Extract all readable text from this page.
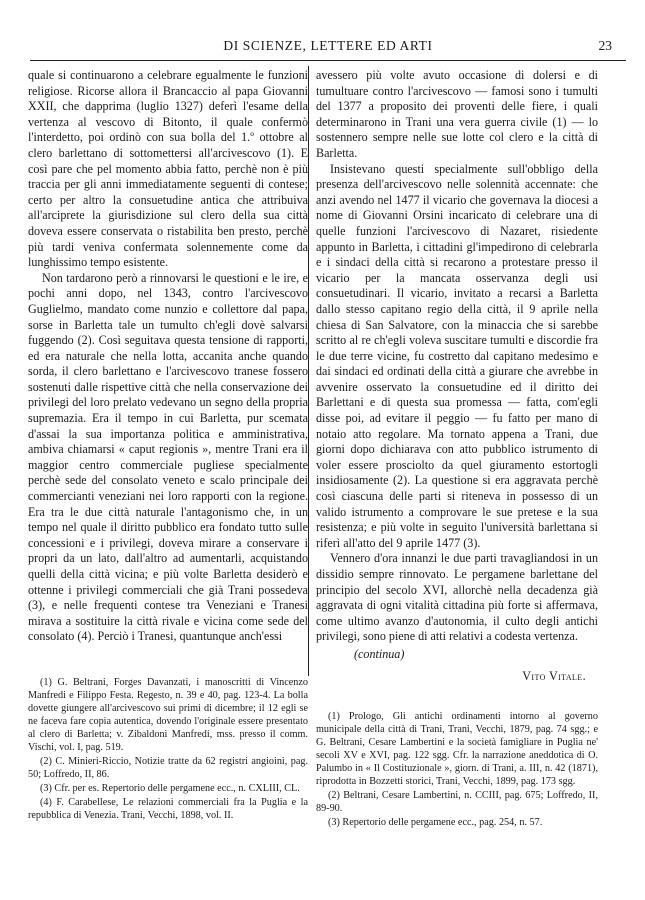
DI SCIENZE, LETTERE ED ARTI	23

quale si continuarono a celebrare egualmente le funzioni religiose. Ricorse allora il Brancaccio al papa Giovanni XXII, che dapprima (luglio 1327) deferì l'esame della vertenza al vescovo di Bitonto, il quale confermò l'interdetto, poi ordinò con sua bolla del 1.º ottobre al clero barlettano di sottomettersi all'arcivescovo (1). E così pare che pel momento abbia fatto, perchè non è più traccia per gli anni immediatamente seguenti di contese; certo per altro la consuetudine antica che attribuiva all'arciprete la giurisdizione sul clero della sua città doveva essere conservata o ristabilita ben presto, perchè più tardi veniva confermata solennemente come da lunghissimo tempo esistente.

Non tardarono però a rinnovarsi le questioni e le ire, e pochi anni dopo, nel 1343, contro l'arcivescovo Guglielmo, mandato come nunzio e collettore dal papa, sorse in Barletta tale un tumulto ch'egli dovè salvarsi fuggendo (2). Così seguitava questa tensione di rapporti, ed era naturale che nella lotta, accanita anche quando sorda, il clero barlettano e l'arcivescovo tranese fossero sostenuti dalle rispettive città che nella conservazione dei privilegi del loro prelato vedevano un segno della propria supremazia. Era il tempo in cui Barletta, pur scemata d'assai la sua importanza politica e amministrativa, ambiva chiamarsi « caput regionis », mentre Trani era il maggior centro commerciale pugliese specialmente perchè sede del consolato veneto e scalo principale dei commercianti veneziani nei loro rapporti con la regione. Era tra le due città naturale l'antagonismo che, in un tempo nel quale il diritto pubblico era fondato tutto sulle concessioni e i privilegi, doveva mirare a conservare i propri da un lato, dall'altro ad aumentarli, acquistando quelli della città vicina; e più volte Barletta desiderò e ottenne i privilegi commerciali che già Trani possedeva (3), e nelle frequenti contese tra Veneziani e Tranesi mirava a sostituire la città rivale e vicina come sede del consolato (4). Perciò i Tranesi, quantunque anch'essi

avessero più volte avuto occasione di dolersi e di tumultuare contro l'arcivescovo — famosi sono i tumulti del 1377 a proposito dei proventi delle fiere, i quali determinarono in Trani una vera guerra civile (1) — lo sostennero sempre nelle sue lotte col clero e la città di Barletta.

Insistevano questi specialmente sull'obbligo della presenza dell'arcivescovo nelle solennità accennate: che anzi avendo nel 1477 il vicario che governava la diocesi a nome di Giovanni Orsini incaricato di celebrare una di quelle funzioni l'arcivescovo di Nazaret, risiedente appunto in Barletta, i cittadini gl'impedirono di celebrarla e i sindaci della città si recarono a protestare presso il vicario per la mancata osservanza degli usi consuetudinari. Il vicario, invitato a recarsi a Barletta dallo stesso capitano regio della città, il 9 aprile nella chiesa di San Salvatore, con la minaccia che si sarebbe scritto al re ch'egli voleva suscitare tumulti e discordie fra le due terre vicine, fu costretto dal capitano medesimo e dai sindaci ed ordinati della città a giurare che avrebbe in avvenire osservato la consuetudine ed il diritto dei Barlettani e di questa sua promessa — fatta, com'egli disse poi, ad evitare il peggio — fu fatto per mano di notaio atto regolare. Ma tornato appena a Trani, due giorni dopo dichiarava con atto pubblico istrumento di voler essere prosciolto da quel giuramento estortogli insidiosamente (2). La questione si era aggravata perchè così ciascuna delle parti si riteneva in possesso di un valido istrumento a comprovare le sue pretese e la sua resistenza; e più volte in seguito l'università barlettana si riferì all'atto del 9 aprile 1477 (3).

Vennero d'ora innanzi le due parti travagliandosi in un dissidio sempre rinnovato. Le pergamene barlettane del principio del secolo XVI, allorchè nella decadenza già aggravata di ogni vitalità cittadina più forte si affermava, come ultimo avanzo d'autonomia, il culto degli antichi privilegi, sono piene di atti relativi a codesta vertenza.

(continua)

Vito Vitale.

(1) G. Beltrani, Forges Davanzati, i manoscritti di Vincenzo Manfredi e Filippo Festa. Regesto, n. 39 e 40, pag. 123-4. La bolla dovette giungere all'arcivescovo sui primi di dicembre; il 12 egli se ne faceva fare copia autentica, dovendo l'originale essere presentato al clero di Barletta; v. Zibaldoni Manfredi, mss. presso il comm. Vischi, vol. I, pag. 519.

(2) C. Minieri-Riccio, Notizie tratte da 62 registri angioini, pag. 50; Loffredo, II, 86.

(3) Cfr. per es. Repertorio delle pergamene ecc., n. CXLIII, CL.

(4) F. Carabellese, Le relazioni commerciali fra la Puglia e la repubblica di Venezia. Trani, Vecchi, 1898, vol. II.

(1) Prologo, Gli antichi ordinamenti intorno al governo municipale della città di Trani, Trani, Vecchi, 1879, pag. 74 sgg.; e G. Beltrani, Cesare Lambertini e la società famigliare in Puglia ne' secoli XV e XVI, pag. 122 sgg. Cfr. la narrazione aneddotica di O. Palumbo in « Il Costituzionale », giorn. di Trani, a. III, n. 42 (1871), riprodotta in Bozzetti storici, Trani, Vecchi, 1899, pag. 173 sgg.

(2) Beltrani, Cesare Lambertini, n. CCIII, pag. 675; Loffredo, II, 89-90.

(3) Repertorio delle pergamene ecc., pag. 254, n. 57.
